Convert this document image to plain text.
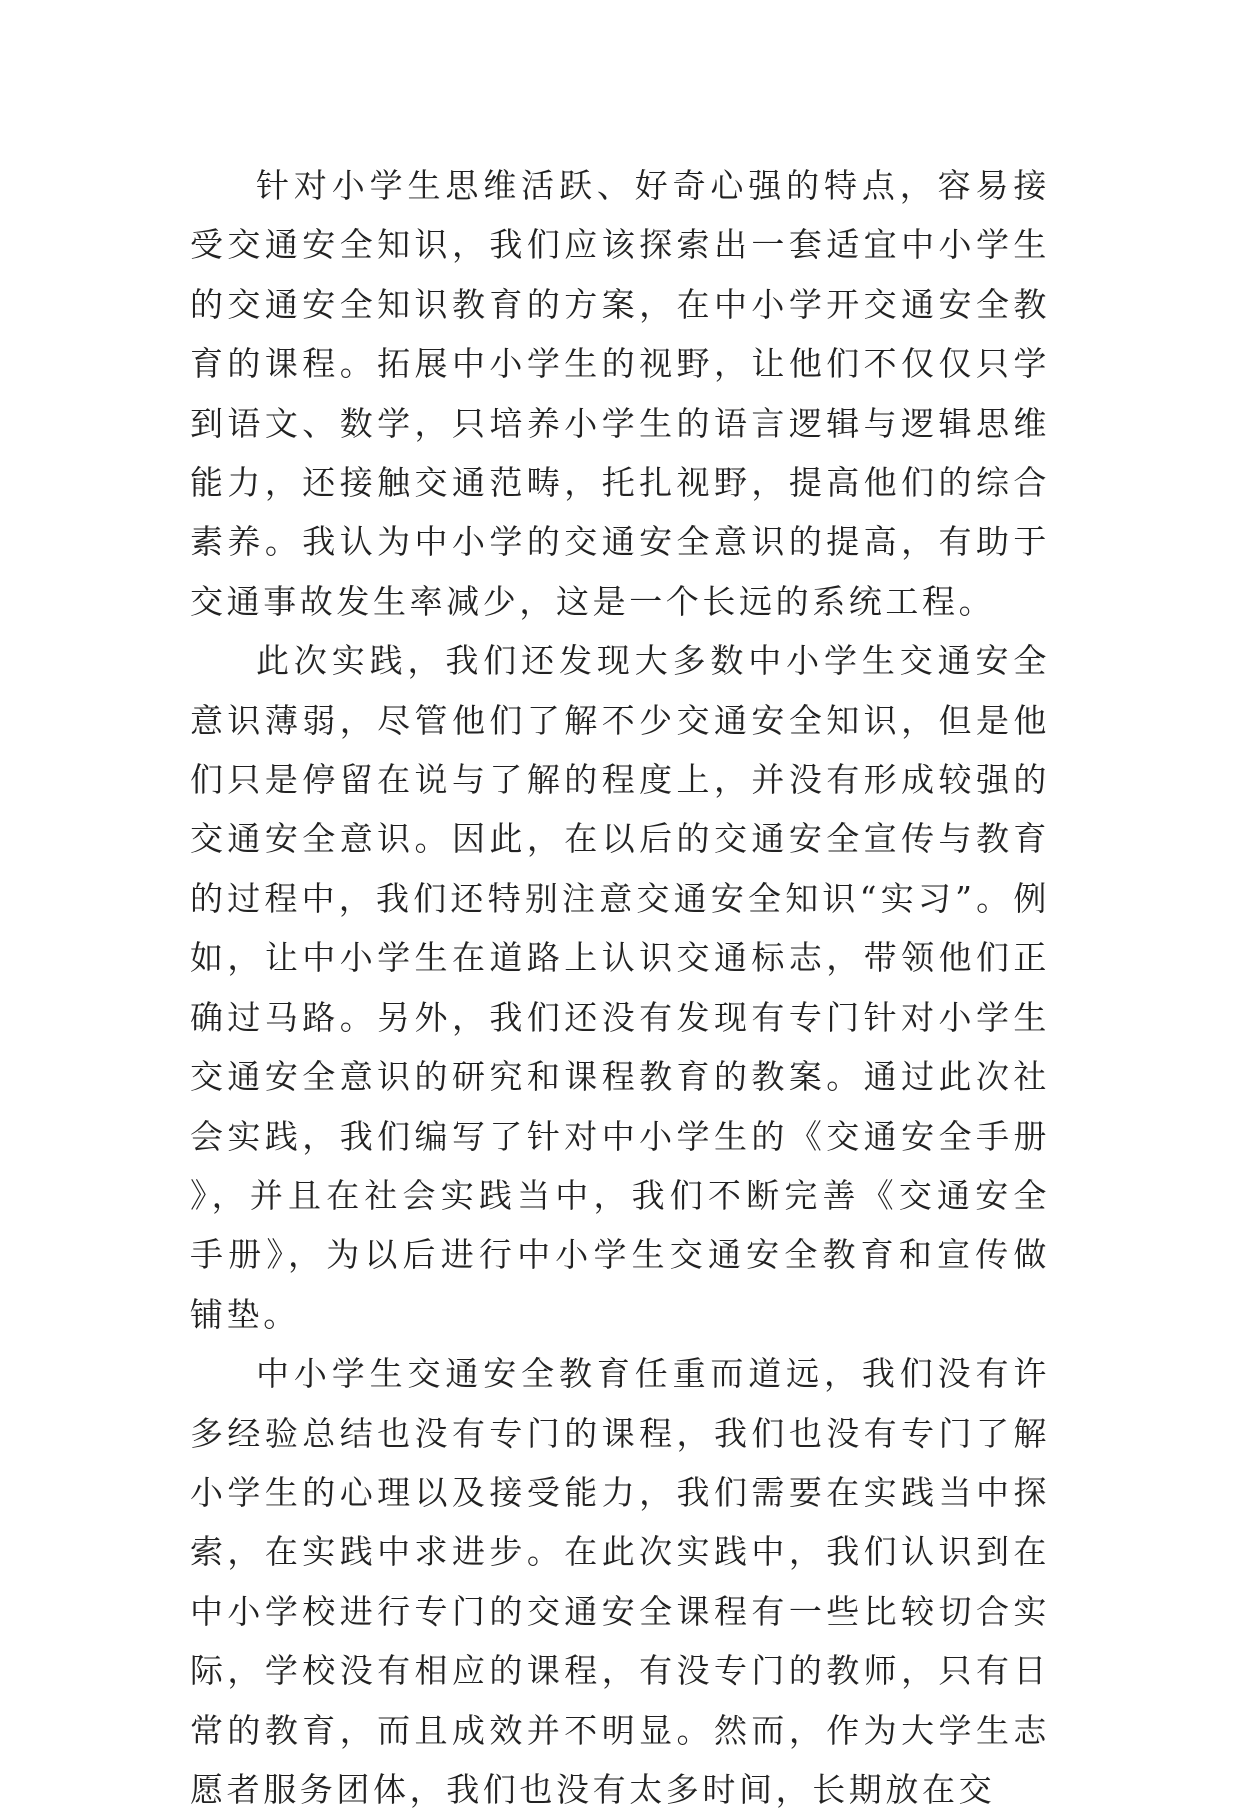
针对小学生思维活跃、好奇心强的特点，容易接受交通安全知识，我们应该探索出一套适宜中小学生的交通安全知识教育的方案，在中小学开交通安全教育的课程。拓展中小学生的视野，让他们不仅仅只学到语文、数学，只培养小学生的语言逻辑与逻辑思维能力，还接触交通范畴，托扎视野，提高他们的综合素养。我认为中小学的交通安全意识的提高，有助于交通事故发生率减少，这是一个长远的系统工程。

此次实践，我们还发现大多数中小学生交通安全意识薄弱，尽管他们了解不少交通安全知识，但是他们只是停留在说与了解的程度上，并没有形成较强的交通安全意识。因此，在以后的交通安全宣传与教育的过程中，我们还特别注意交通安全知识“实习”。例如，让中小学生在道路上认识交通标志，带领他们正确过马路。另外，我们还没有发现有专门针对小学生交通安全意识的研究和课程教育的教案。通过此次社会实践，我们编写了针对中小学生的《交通安全手册》，并且在社会实践当中，我们不断完善《交通安全手册》，为以后进行中小学生交通安全教育和宣传做铺垫。

中小学生交通安全教育任重而道远，我们没有许多经验总结也没有专门的课程，我们也没有专门了解小学生的心理以及接受能力，我们需要在实践当中探索，在实践中求进步。在此次实践中，我们认识到在中小学校进行专门的交通安全课程有一些比较切合实际，学校没有相应的课程，有没专门的教师，只有日常的教育，而且成效并不明显。然而，作为大学生志愿者服务团体，我们也没有太多时间，长期放在交
